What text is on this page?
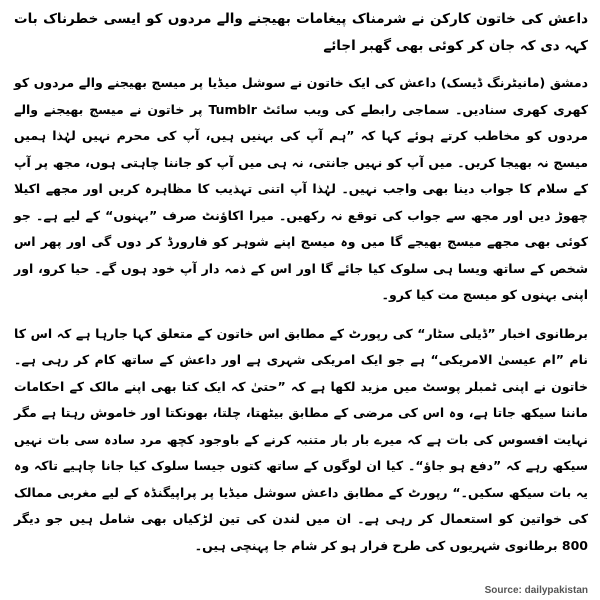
داعش کی خاتون کارکن نے شرمناک پیغامات بھیجنے والے مردوں کو ایسی خطرناک بات کہہ دی کہ جان کر کوئی بھی گھبر اجائے

دمشق (مانیٹرنگ ڈیسک) داعش کی ایک خاتون نے سوشل میڈیا پر میسج بھیجنے والے مردوں کو کھری کھری سنادیں۔ سماجی رابطے کی ویب سائٹ Tumblr پر خاتون نے میسج بھیجنے والے مردوں کو مخاطب کرتے ہوئے کہا کہ ”ہم آپ کی بہنیں ہیں، آپ کی محرم نہیں لہٰذا ہمیں میسج نہ بھیجا کریں۔ میں آپ کو نہیں جانتی، نہ ہی میں آپ کو جاننا چاہتی ہوں، مجھ پر آپ کے سلام کا جواب دینا بھی واجب نہیں۔ لہٰذا آپ اتنی تہذیب کا مظاہرہ کریں اور مجھے اکیلا چھوڑ دیں اور مجھ سے جواب کی توقع نہ رکھیں۔ میرا اکاؤنٹ صرف ”بہنوں“ کے لیے ہے۔ جو کوئی بھی مجھے میسج بھیجے گا میں وہ میسج اپنے شوہر کو فارورڈ کر دوں گی اور پھر اس شخص کے ساتھ ویسا ہی سلوک کیا جائے گا اور اس کے ذمہ دار آپ خود ہوں گے۔ حیا کرو، اور اپنی بہنوں کو میسج مت کیا کرو۔

برطانوی اخبار ”ڈیلی سٹار“ کی رپورٹ کے مطابق اس خاتون کے متعلق کہا جارہا ہے کہ اس کا نام ”ام عیسیٰ الامریکی“ ہے جو ایک امریکی شہری ہے اور داعش کے ساتھ کام کر رہی ہے۔ خاتون نے اپنی ٹمبلر پوسٹ میں مزید لکھا ہے کہ ”حتیٰ کہ ایک کتا بھی اپنے مالک کے احکامات ماننا سیکھ جاتا ہے، وہ اس کی مرضی کے مطابق بیٹھتا، چلتا، بھونکتا اور خاموش رہتا ہے مگر نہایت افسوس کی بات ہے کہ میرے بار بار متنبہ کرنے کے باوجود کچھ مرد سادہ سی بات نہیں سیکھ رہے کہ ”دفع ہو جاؤ“۔ کیا ان لوگوں کے ساتھ کتوں جیسا سلوک کیا جانا چاہیے تاکہ وہ یہ بات سیکھ سکیں۔“ رپورٹ کے مطابق داعش سوشل میڈیا پر پراپیگنڈہ کے لیے مغربی ممالک کی خواتین کو استعمال کر رہی ہے۔ ان میں لندن کی تین لڑکیاں بھی شامل ہیں جو دیگر 800 برطانوی شہریوں کی طرح فرار ہو کر شام جا پہنچی ہیں۔

Source: dailypakistan
